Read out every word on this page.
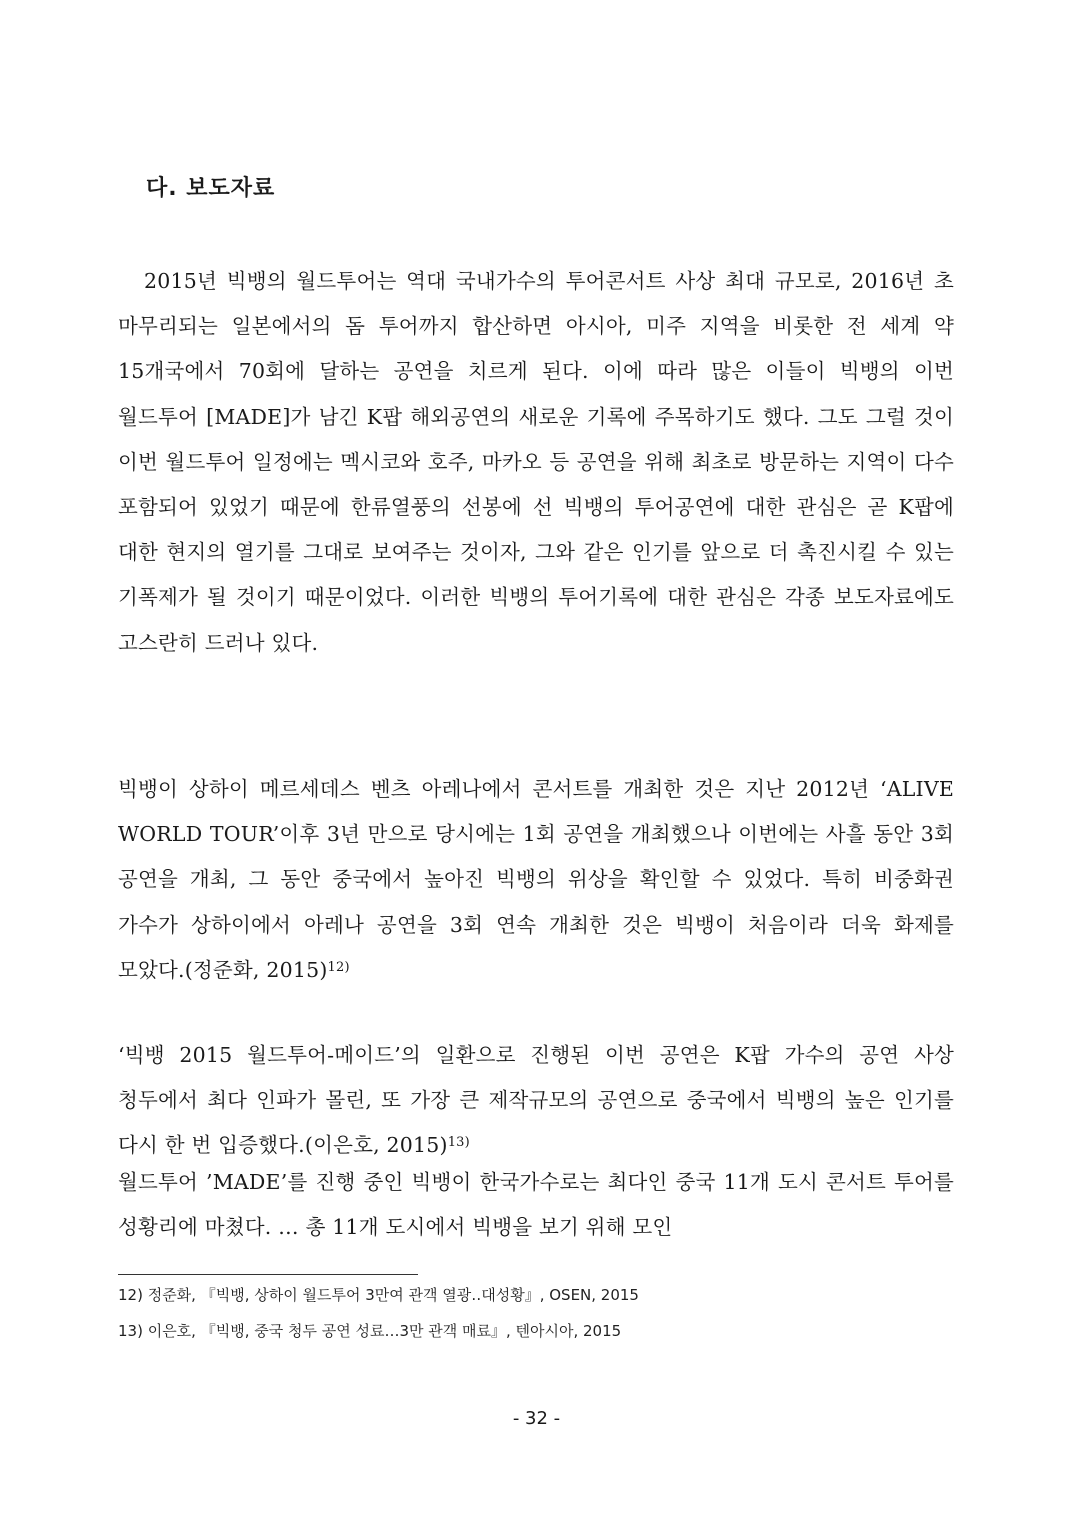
다. 보도자료

2015년 빅뱅의 월드투어는 역대 국내가수의 투어콘서트 사상 최대 규모로, 2016년 초 마무리되는 일본에서의 돔 투어까지 합산하면 아시아, 미주 지역을 비롯한 전 세계 약 15개국에서 70회에 달하는 공연을 치르게 된다. 이에 따라 많은 이들이 빅뱅의 이번 월드투어 [MADE]가 남긴 K팝 해외공연의 새로운 기록에 주목하기도 했다. 그도 그럴 것이 이번 월드투어 일정에는 멕시코와 호주, 마카오 등 공연을 위해 최초로 방문하는 지역이 다수 포함되어 있었기 때문에 한류열풍의 선봉에 선 빅뱅의 투어공연에 대한 관심은 곧 K팝에 대한 현지의 열기를 그대로 보여주는 것이자, 그와 같은 인기를 앞으로 더 촉진시킬 수 있는 기폭제가 될 것이기 때문이었다. 이러한 빅뱅의 투어기록에 대한 관심은 각종 보도자료에도 고스란히 드러나 있다.

빅뱅이 상하이 메르세데스 벤츠 아레나에서 콘서트를 개최한 것은 지난 2012년 ‘ALIVE WORLD TOUR’이후 3년 만으로 당시에는 1회 공연을 개최했으나 이번에는 사흘 동안 3회 공연을 개최, 그 동안 중국에서 높아진 빅뱅의 위상을 확인할 수 있었다. 특히 비중화권 가수가 상하이에서 아레나 공연을 3회 연속 개최한 것은 빅뱅이 처음이라 더욱 화제를 모았다.(정준화, 2015)$^{12)}$

‘빅뱅 2015 월드투어-메이드’의 일환으로 진행된 이번 공연은 K팝 가수의 공연 사상 청두에서 최다 인파가 몰린, 또 가장 큰 제작규모의 공연으로 중국에서 빅뱅의 높은 인기를 다시 한 번 입증했다.(이은호, 2015)$^{13)}$

월드투어 ’MADE’를 진행 중인 빅뱅이 한국가수로는 최다인 중국 11개 도시 콘서트 투어를 성황리에 마쳤다. … 총 11개 도시에서 빅뱅을 보기 위해 모인

12) 정준화, 『빅뱅, 상하이 월드투어 3만여 관객 열광‥대성황』, OSEN, 2015
13) 이은호, 『빅뱅, 중국 청두 공연 성료…3만 관객 매료』, 텐아시아, 2015
- 32 -
